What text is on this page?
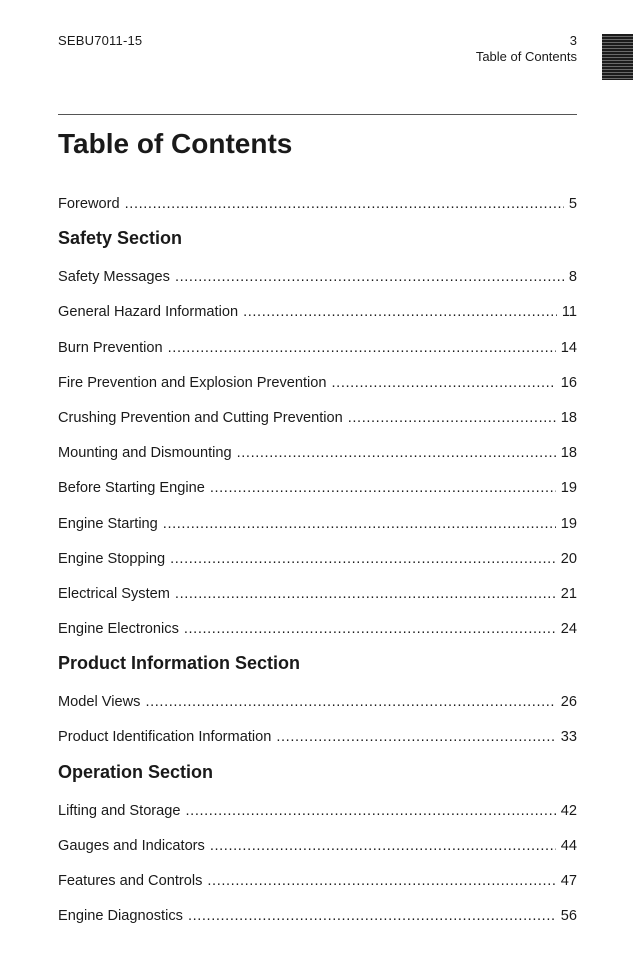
SEBU7011-15	3
Table of Contents
Table of Contents
Foreword .....	5
Safety Section
Safety Messages .....	8
General Hazard Information .....	11
Burn Prevention .....	14
Fire Prevention and Explosion Prevention .....	16
Crushing Prevention and Cutting Prevention .....	18
Mounting and Dismounting .....	18
Before Starting Engine .....	19
Engine Starting .....	19
Engine Stopping .....	20
Electrical System .....	21
Engine Electronics .....	24
Product Information Section
Model Views .....	26
Product Identification Information .....	33
Operation Section
Lifting and Storage .....	42
Gauges and Indicators .....	44
Features and Controls .....	47
Engine Diagnostics .....	56
